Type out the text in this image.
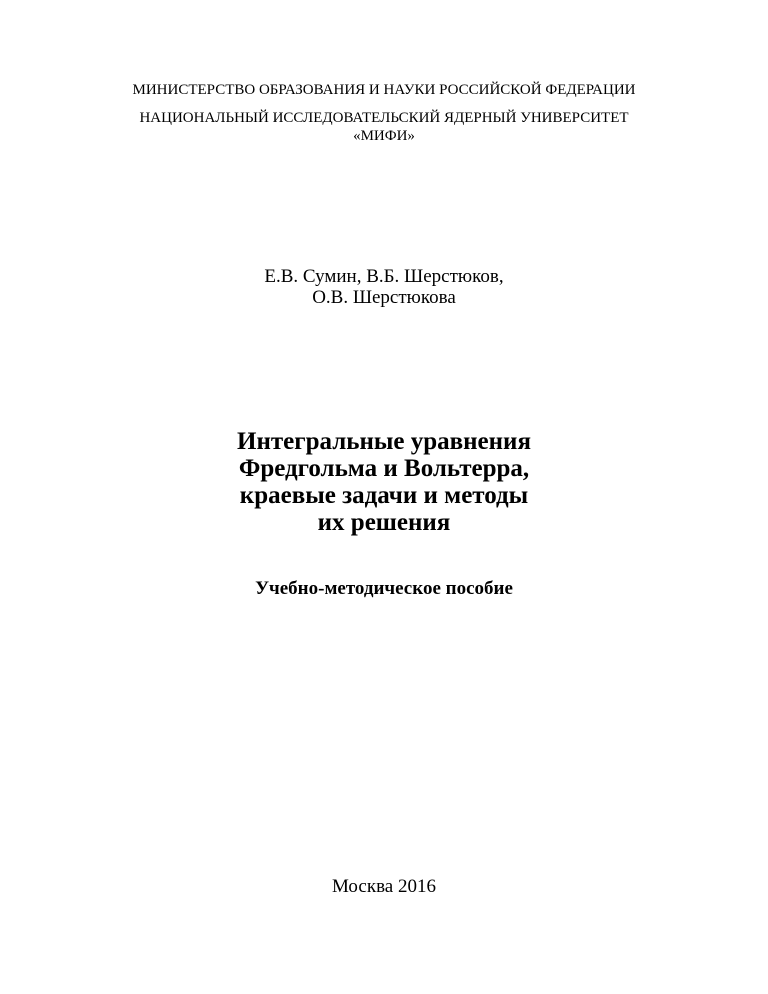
МИНИСТЕРСТВО ОБРАЗОВАНИЯ И НАУКИ РОССИЙСКОЙ ФЕДЕРАЦИИ
НАЦИОНАЛЬНЫЙ ИССЛЕДОВАТЕЛЬСКИЙ ЯДЕРНЫЙ УНИВЕРСИТЕТ
«МИФИ»
Е.В. Сумин, В.Б. Шерстюков,
О.В. Шерстюкова
Интегральные уравнения
Фредгольма и Вольтерра,
краевые задачи и методы
их решения
Учебно-методическое пособие
Москва 2016
